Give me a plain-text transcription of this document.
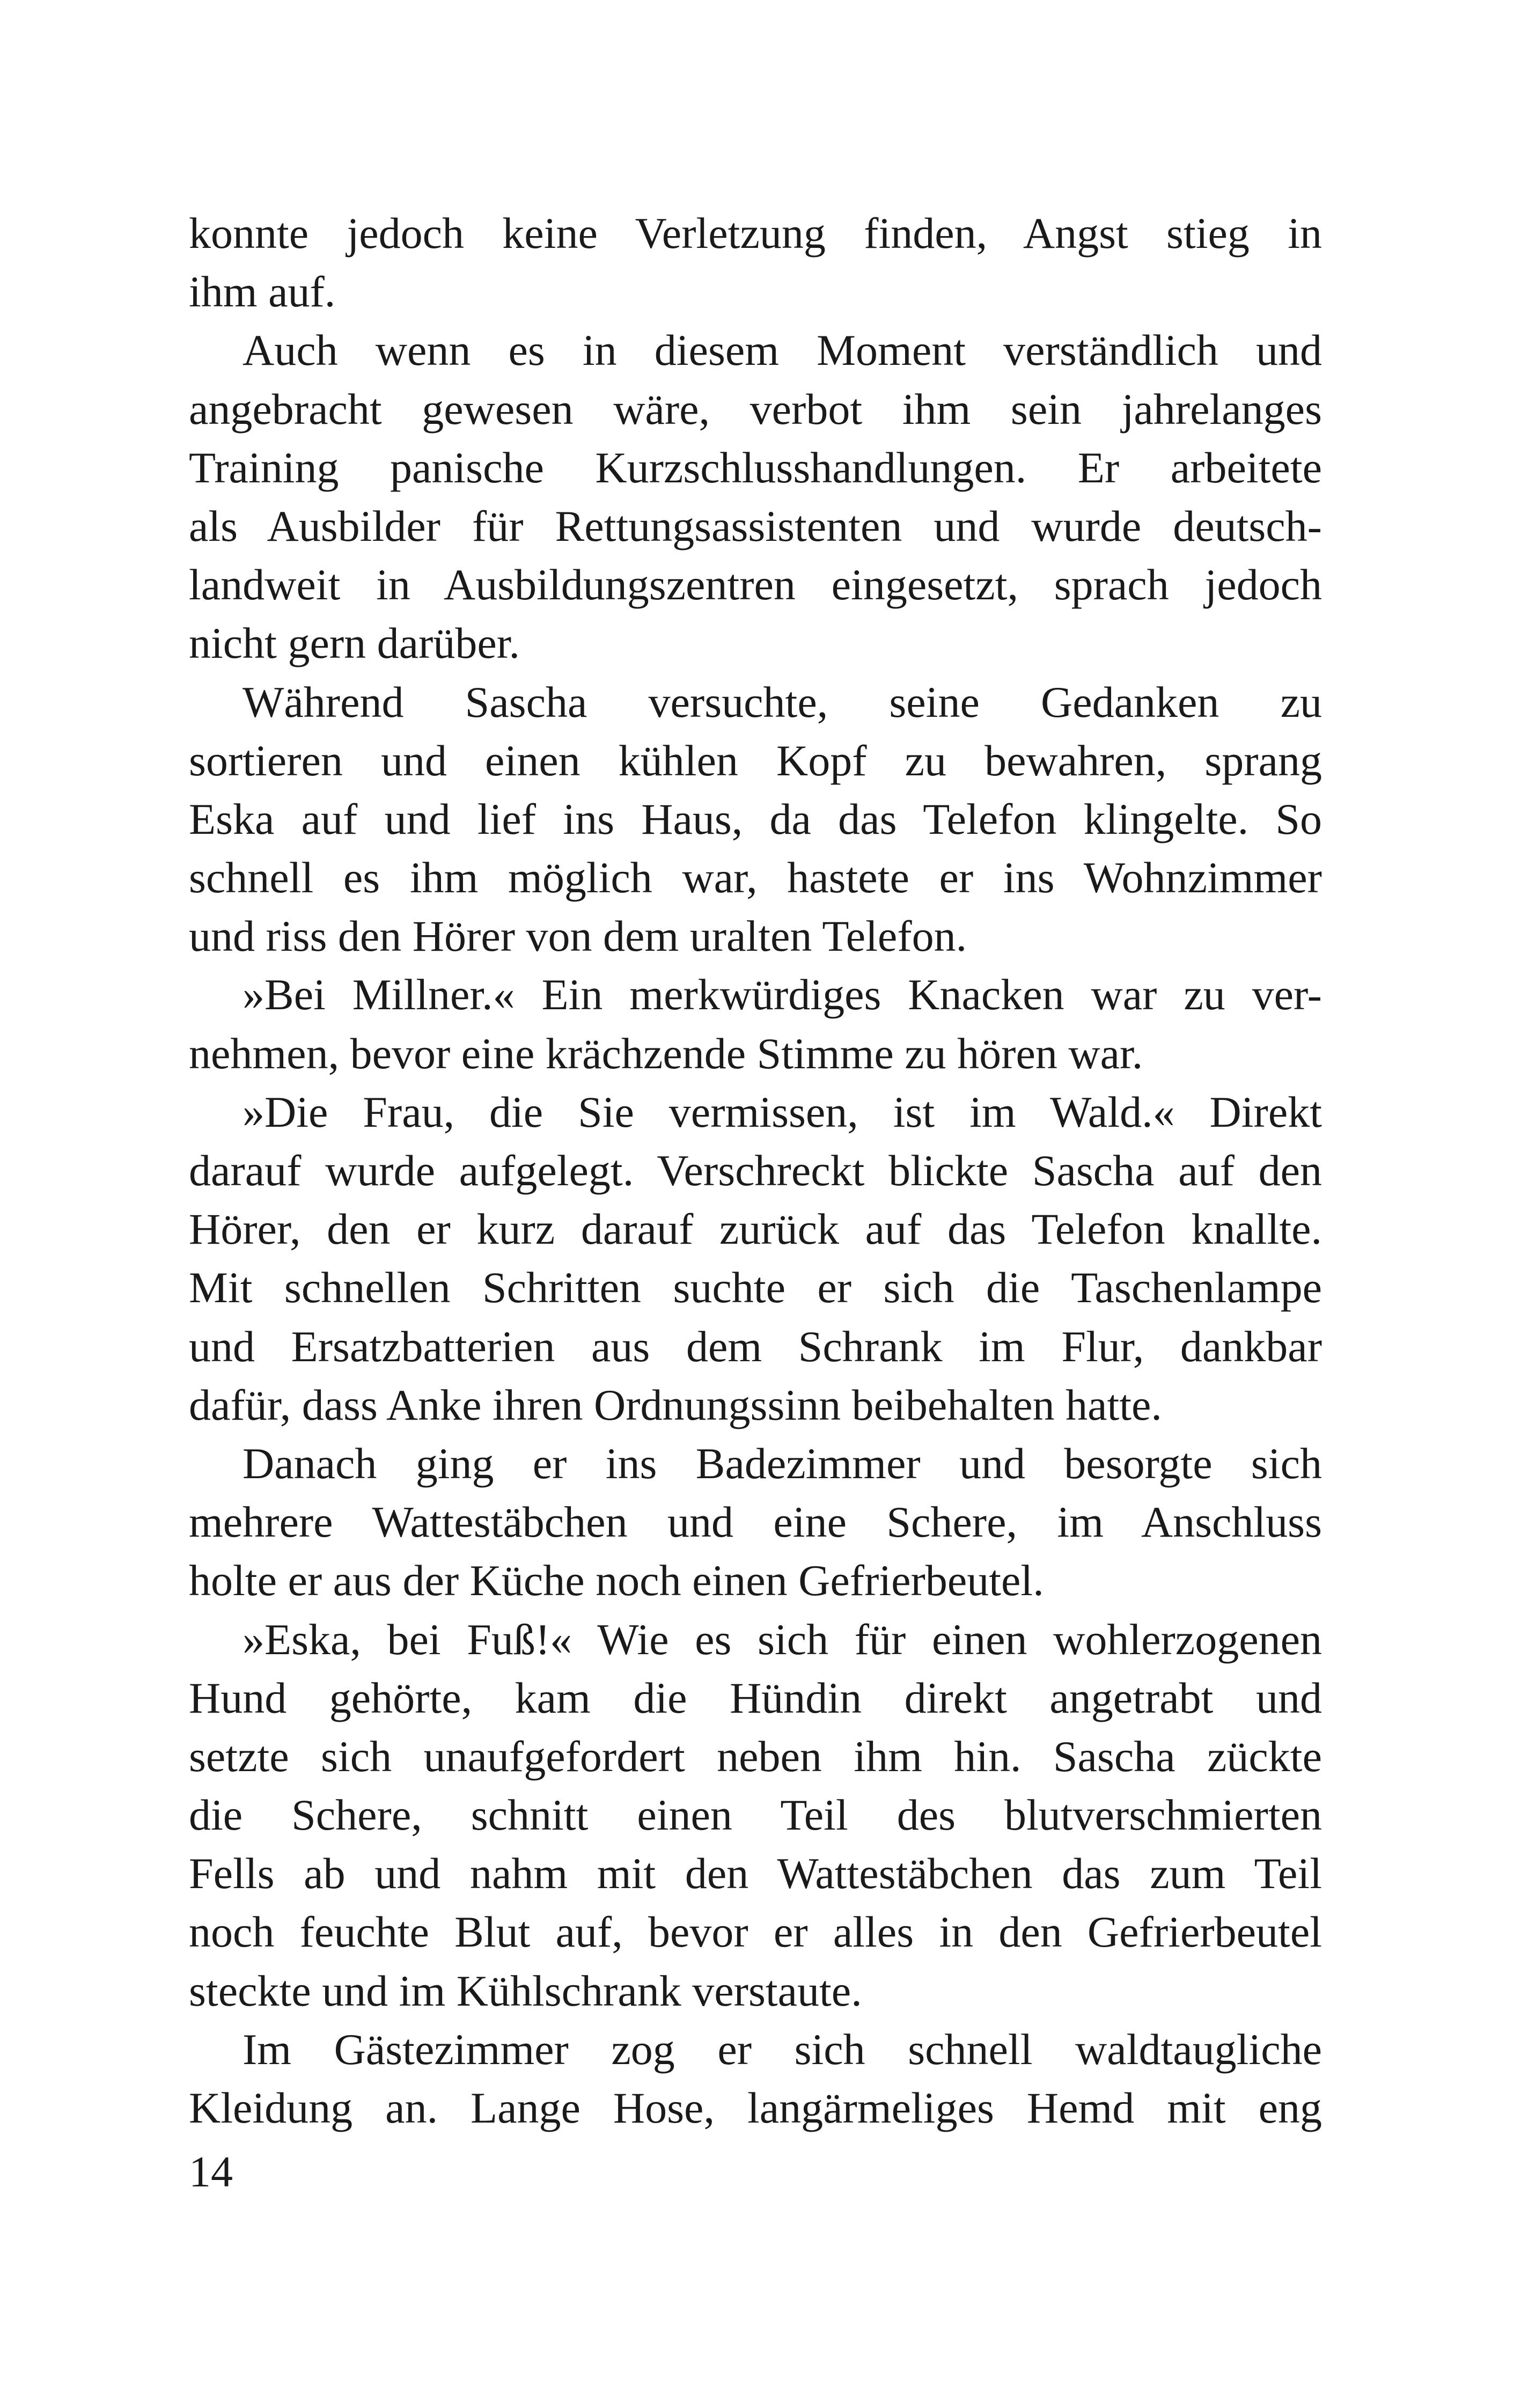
konnte jedoch keine Verletzung finden, Angst stieg in
ihm auf.
Auch wenn es in diesem Moment verständlich und
angebracht gewesen wäre, verbot ihm sein jahrelanges
Training panische Kurzschlusshandlungen. Er arbeitete
als Ausbilder für Rettungsassistenten und wurde deutsch-
landweit in Ausbildungszentren eingesetzt, sprach jedoch
nicht gern darüber.
Während Sascha versuchte, seine Gedanken zu
sortieren und einen kühlen Kopf zu bewahren, sprang
Eska auf und lief ins Haus, da das Telefon klingelte. So
schnell es ihm möglich war, hastete er ins Wohnzimmer
und riss den Hörer von dem uralten Telefon.
»Bei Millner.« Ein merkwürdiges Knacken war zu ver-
nehmen, bevor eine krächzende Stimme zu hören war.
»Die Frau, die Sie vermissen, ist im Wald.« Direkt
darauf wurde aufgelegt. Verschreckt blickte Sascha auf den
Hörer, den er kurz darauf zurück auf das Telefon knallte.
Mit schnellen Schritten suchte er sich die Taschenlampe
und Ersatzbatterien aus dem Schrank im Flur, dankbar
dafür, dass Anke ihren Ordnungssinn beibehalten hatte.
Danach ging er ins Badezimmer und besorgte sich
mehrere Wattestäbchen und eine Schere, im Anschluss
holte er aus der Küche noch einen Gefrierbeutel.
»Eska, bei Fuß!« Wie es sich für einen wohlerzogenen
Hund gehörte, kam die Hündin direkt angetrabt und
setzte sich unaufgefordert neben ihm hin. Sascha zückte
die Schere, schnitt einen Teil des blutverschmierten
Fells ab und nahm mit den Wattestäbchen das zum Teil
noch feuchte Blut auf, bevor er alles in den Gefrierbeutel
steckte und im Kühlschrank verstaute.
Im Gästezimmer zog er sich schnell waldtaugliche
Kleidung an. Lange Hose, langärmeliges Hemd mit eng
14
